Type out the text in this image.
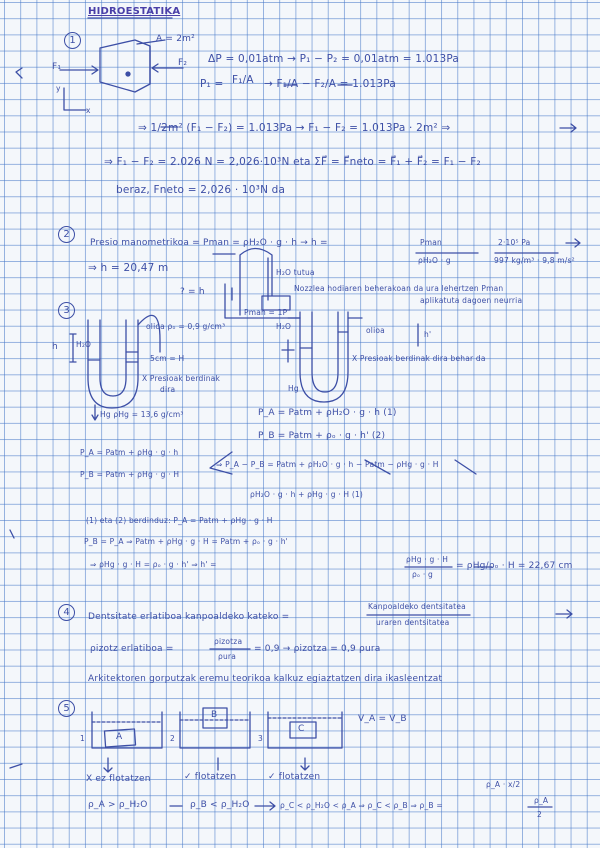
HIDROESTATIKA
1	A = 2m²
F₁	F₂
y
x
ΔP = 0,01atm → P₁ − P₂ = 0,01atm = 1.013Pa
P₁ = F₁/A → F₁/A − F₂/A = 1.013Pa
⇒ 1/2m² (F₁ − F₂) = 1.013Pa → F₁ − F₂ = 1.013Pa · 2m² ⇒
⇒ F₁ − F₂ = 2.026 N = 2,026·10³N eta ΣF⃗ = F⃗neto = F⃗₁ + F⃗₂ = F₁ − F₂
beraz, Fneto = 2,026 · 10³N da
2
Presio manometrikoa = Pman = ρH₂O · g · h → h =	Pman
ρH₂O · g
2·10⁵ Pa
997 kg/m³ · 9,8 m/s²
⇒ h = 20,47 m	H₂O tutua
? = h
Pman = 1P
Nozzlea hodiaren beherakoan da ura lehertzen Pman
aplikatuta dagoen neurria
3
h H₂O
olioa ρₒ = 0,9 g/cm³
5cm = H
X Presioak berdinak
dira
Hg ρHg = 13,6 g/cm³
H₂O	olioa	h'
X Presioak berdinak dira behar da
Hg
P_A = Patm + ρH₂O · g · h (1)
P_B = Patm + ρₒ · g · h' (2)
P_A = Patm + ρHg · g · h
P_B = Patm + ρHg · g · H
⇒ P_A − P_B = Patm + ρH₂O · g · h − Patm − ρHg · g · H
ρH₂O · g · h + ρHg · g · H (1)
(1) eta (2) berdinduz: P_A = Patm + ρHg · g · H
P_B = P_A ⇒ Patm + ρHg · g · H = Patm + ρₒ · g · h'
⇒ ρHg · g · H = ρₒ · g · h' ⇒ h' =
ρHg · g · H
ρₒ · g
= ρHg/ρₒ · H = 22,67 cm
4	Dentsitate erlatiboa kanpoaldeko kateko =
Kanpoaldeko dentsitatea
uraren dentsitatea
ρizotz erlatiboa =
ρizotza
ρura
= 0,9 → ρizotza = 0,9 ρura
Arkitektoren gorputzak eremu teorikoa kalkuz egiaztatzen dira ikasleentzat
5
V_A = V_B
A
B
C
1	2	3
X ez flotatzen	✓ flotatzen	✓ flotatzen
ρ_A > ρ_H₂O	ρ_B < ρ_H₂O	ρ_C < ρ_H₂O < ρ_A ⇒ ρ_C < ρ_B ⇒ ρ_B =
ρ_A
2
ρ_A · x/2
